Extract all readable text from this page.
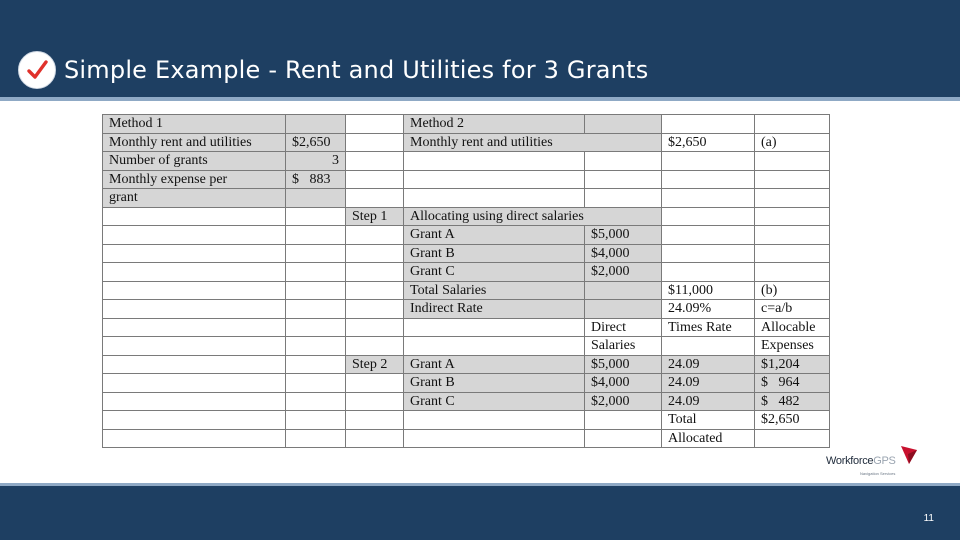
Simple Example - Rent and Utilities for 3 Grants
Method 1			Method 2			
Monthly rent and utilities	$2,650		Monthly rent and utilities		$2,650	(a)
Number of grants	3					
Monthly expense per	$   883					
grant						
		Step 1	Allocating using direct salaries			
			Grant A	$5,000		
			Grant B	$4,000		
			Grant C	$2,000		
			Total Salaries		$11,000	(b)
			Indirect Rate		24.09%	c=a/b
				Direct	Times Rate	Allocable
				Salaries		Expenses
		Step 2	Grant A	$5,000	24.09	$1,204
			Grant B	$4,000	24.09	$   964
			Grant C	$2,000	24.09	$   482
					Total	$2,650
					Allocated	
WorkforceGPS
Navigation Services
11
